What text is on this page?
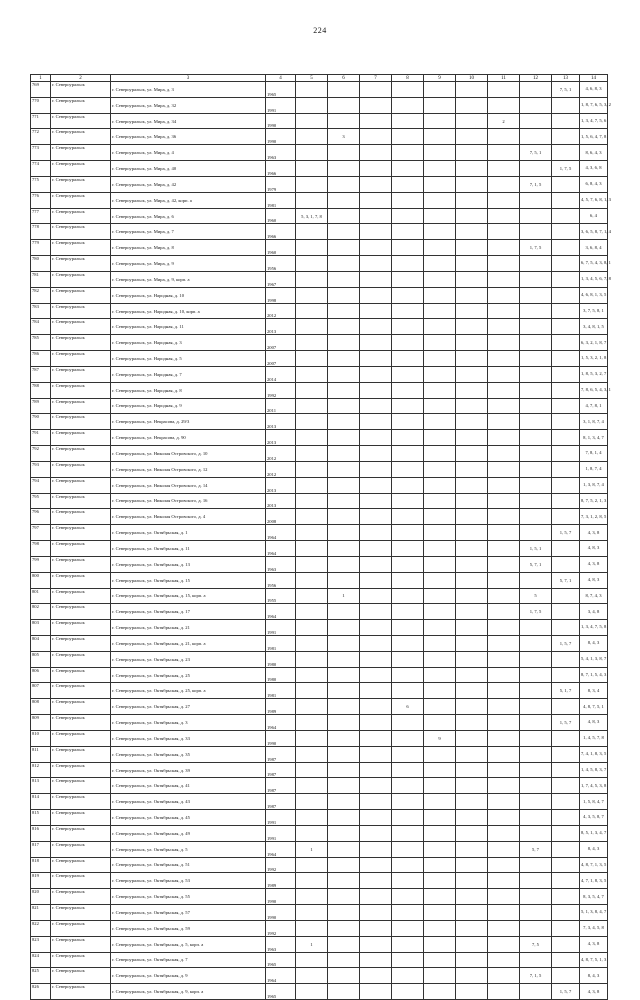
224
1	2	3	4	5	6	7	8	9	10	11	12	13	14
769	г. Североуральск	г. Североуральск, ул. Мира, д. 3	1965									7, 5, 1	4, 6, 8, 3
770	г. Североуральск	г. Североуральск, ул. Мира, д. 32	1991										1, 8, 7, 6, 5, 3, 2
771	г. Североуральск	г. Североуральск, ул. Мира, д. 34	1990							2			1, 3, 4, 7, 5, 6
772	г. Североуральск	г. Североуральск, ул. Мира, д. 36	1990		3								1, 5, 6, 4, 7, 8
773	г. Североуральск	г. Североуральск, ул. Мира, д. 4	1963								7, 5, 1		8, 6, 4, 3
774	г. Североуральск	г. Североуральск, ул. Мира, д. 40	1966									1, 7, 5	4, 3, 6, 8
775	г. Североуральск	г. Североуральск, ул. Мира, д. 42	1979								7, 1, 5		6, 8, 4, 3
776	г. Североуральск	г. Североуральск, ул. Мира, д. 42, корп. а	1981										4, 5, 7, 6, 8, 1, 3
777	г. Североуральск	г. Североуральск, ул. Мира, д. 6	1960	5, 3, 1, 7, 8									6, 4
778	г. Североуральск	г. Североуральск, ул. Мира, д. 7	1966										3, 6, 5, 8, 7, 1, 4
779	г. Североуральск	г. Североуральск, ул. Мира, д. 8	1960								1, 7, 5		3, 6, 8, 4
780	г. Североуральск	г. Североуральск, ул. Мира, д. 9	1956										6, 7, 5, 4, 3, 8, 1
781	г. Североуральск	г. Североуральск, ул. Мира, д. 9, корп. а	1967										1, 3, 4, 5, 6, 7, 8
782	г. Североуральск	г. Североуральск, ул. Народная, д. 10	1998										4, 6, 8, 1, 3, 5
783	г. Североуральск	г. Североуральск, ул. Народная, д. 10, корп. а	2012										3, 7, 5, 8, 1
784	г. Североуральск	г. Североуральск, ул. Народная, д. 11	2013										3, 4, 8, 1, 5
785	г. Североуральск	г. Североуральск, ул. Народная, д. 3	2007										6, 3, 2, 1, 8, 7
786	г. Североуральск	г. Североуральск, ул. Народная, д. 5	2007										1, 5, 3, 2, 1, 8
787	г. Североуральск	г. Североуральск, ул. Народная, д. 7	2014										1, 8, 5, 3, 2, 7
788	г. Североуральск	г. Североуральск, ул. Народная, д. 8	1992										7, 8, 6, 5, 4, 3, 1
789	г. Североуральск	г. Североуральск, ул. Народная, д. 9	2011										4, 7, 8, 1
790	г. Североуральск	г. Североуральск, ул. Некрасова, д. 29/3	2013										3, 1, 8, 7, 4
791	г. Североуральск	г. Североуральск, ул. Некрасова, д. 90	2013										8, 1, 3, 4, 7
792	г. Североуральск	г. Североуральск, ул. Николая Островского, д. 10	2012										7, 8, 1, 4
793	г. Североуральск	г. Североуральск, ул. Николая Островского, д. 12	2012										1, 8, 7, 4
794	г. Североуральск	г. Североуральск, ул. Николая Островского, д. 14	2013										1, 3, 8, 7, 4
795	г. Североуральск	г. Североуральск, ул. Николая Островского, д. 16	2013										8, 7, 5, 2, 1, 3
796	г. Североуральск	г. Североуральск, ул. Николая Островского, д. 4	2008										7, 3, 1, 2, 8, 5
797	г. Североуральск	г. Североуральск, ул. Октябрьская, д. 1	1964									1, 5, 7	4, 3, 8
798	г. Североуральск	г. Североуральск, ул. Октябрьская, д. 11	1964								1, 5, 1		4, 8, 3
799	г. Североуральск	г. Североуральск, ул. Октябрьская, д. 13	1963								5, 7, 1		4, 3, 8
800	г. Североуральск	г. Североуральск, ул. Октябрьская, д. 15	1956									5, 7, 1	4, 8, 3
801	г. Североуральск	г. Североуральск, ул. Октябрьская, д. 15, корп. а	1955		1						5		8, 7, 4, 3
802	г. Североуральск	г. Североуральск, ул. Октябрьская, д. 17	1964								1, 7, 5		3, 4, 8
803	г. Североуральск	г. Североуральск, ул. Октябрьская, д. 21	1991										1, 3, 4, 7, 5, 8
804	г. Североуральск	г. Североуральск, ул. Октябрьская, д. 21, корп. а	1981									1, 5, 7	8, 4, 3
805	г. Североуральск	г. Североуральск, ул. Октябрьская, д. 23	1980										5, 4, 1, 3, 8, 7
806	г. Североуральск	г. Североуральск, ул. Октябрьская, д. 25	1980										8, 7, 1, 5, 4, 3
807	г. Североуральск	г. Североуральск, ул. Октябрьская, д. 25, корп. а	1981									5, 1, 7	8, 3, 4
808	г. Североуральск	г. Североуральск, ул. Октябрьская, д. 27	1989				6						4, 8, 7, 5, 1
809	г. Североуральск	г. Североуральск, ул. Октябрьская, д. 3	1964									1, 5, 7	4, 8, 3
810	г. Североуральск	г. Североуральск, ул. Октябрьская, д. 33	1990					9					1, 4, 5, 7, 8
811	г. Североуральск	г. Североуральск, ул. Октябрьская, д. 35	1987										7, 4, 1, 8, 3, 5
812	г. Североуральск	г. Североуральск, ул. Октябрьская, д. 39	1987										1, 4, 5, 8, 3, 7
813	г. Североуральск	г. Североуральск, ул. Октябрьская, д. 41	1987										1, 7, 4, 5, 3, 8
814	г. Североуральск	г. Североуральск, ул. Октябрьская, д. 43	1987										1, 5, 8, 4, 7
815	г. Североуральск	г. Североуральск, ул. Октябрьская, д. 45	1991										4, 3, 5, 8, 7
816	г. Североуральск	г. Североуральск, ул. Октябрьская, д. 49	1991										8, 5, 1, 3, 4, 7
817	г. Североуральск	г. Североуральск, ул. Октябрьская, д. 5	1964	1							5, 7		8, 4, 3
818	г. Североуральск	г. Североуральск, ул. Октябрьская, д. 51	1992										4, 8, 7, 1, 3, 5
819	г. Североуральск	г. Североуральск, ул. Октябрьская, д. 53	1989										4, 7, 1, 8, 3, 5
820	г. Североуральск	г. Североуральск, ул. Октябрьская, д. 55	1990										8, 3, 5, 4, 7
821	г. Североуральск	г. Североуральск, ул. Октябрьская, д. 57	1990										5, 1, 3, 8, 4, 7
822	г. Североуральск	г. Североуральск, ул. Октябрьская, д. 59	1992										7, 3, 4, 5, 8
823	г. Североуральск	г. Североуральск, ул. Октябрьская, д. 5, корп. а	1963	1							7, 5		4, 3, 8
824	г. Североуральск	г. Североуральск, ул. Октябрьская, д. 7	1965										4, 8, 7, 5, 1, 3
825	г. Североуральск	г. Североуральск, ул. Октябрьская, д. 9	1964								7, 1, 5		8, 4, 3
826	г. Североуральск	г. Североуральск, ул. Октябрьская, д. 9, корп. а	1965									1, 5, 7	4, 3, 8
